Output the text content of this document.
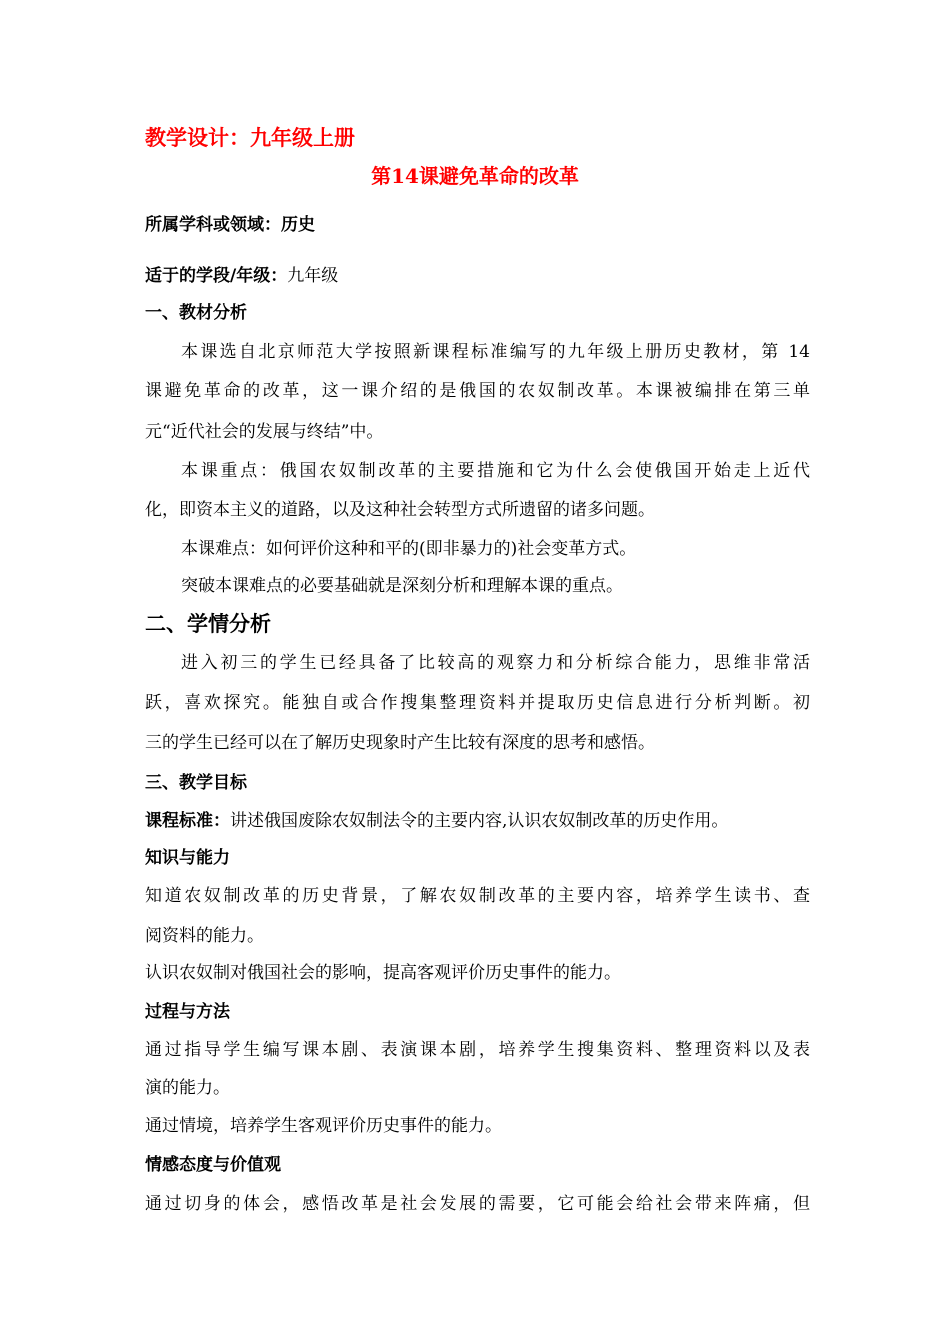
教学设计：九年级上册
第14课避免革命的改革
所属学科或领域：历史
适于的学段/年级：九年级
一、教材分析
本课选自北京师范大学按照新课程标准编写的九年级上册历史教材，第 14
课避免革命的改革，这一课介绍的是俄国的农奴制改革。本课被编排在第三单
元“近代社会的发展与终结”中。
本课重点：俄国农奴制改革的主要措施和它为什么会使俄国开始走上近代
化，即资本主义的道路，以及这种社会转型方式所遗留的诸多问题。
本课难点：如何评价这种和平的(即非暴力的)社会变革方式。
突破本课难点的必要基础就是深刻分析和理解本课的重点。
二、学情分析
进入初三的学生已经具备了比较高的观察力和分析综合能力，思维非常活
跃，喜欢探究。能独自或合作搜集整理资料并提取历史信息进行分析判断。初
三的学生已经可以在了解历史现象时产生比较有深度的思考和感悟。
三、教学目标
课程标准：讲述俄国废除农奴制法令的主要内容,认识农奴制改革的历史作用。
知识与能力
知道农奴制改革的历史背景，了解农奴制改革的主要内容，培养学生读书、查
阅资料的能力。
认识农奴制对俄国社会的影响，提高客观评价历史事件的能力。
过程与方法
通过指导学生编写课本剧、表演课本剧，培养学生搜集资料、整理资料以及表
演的能力。
通过情境，培养学生客观评价历史事件的能力。
情感态度与价值观
通过切身的体会，感悟改革是社会发展的需要，它可能会给社会带来阵痛，但
